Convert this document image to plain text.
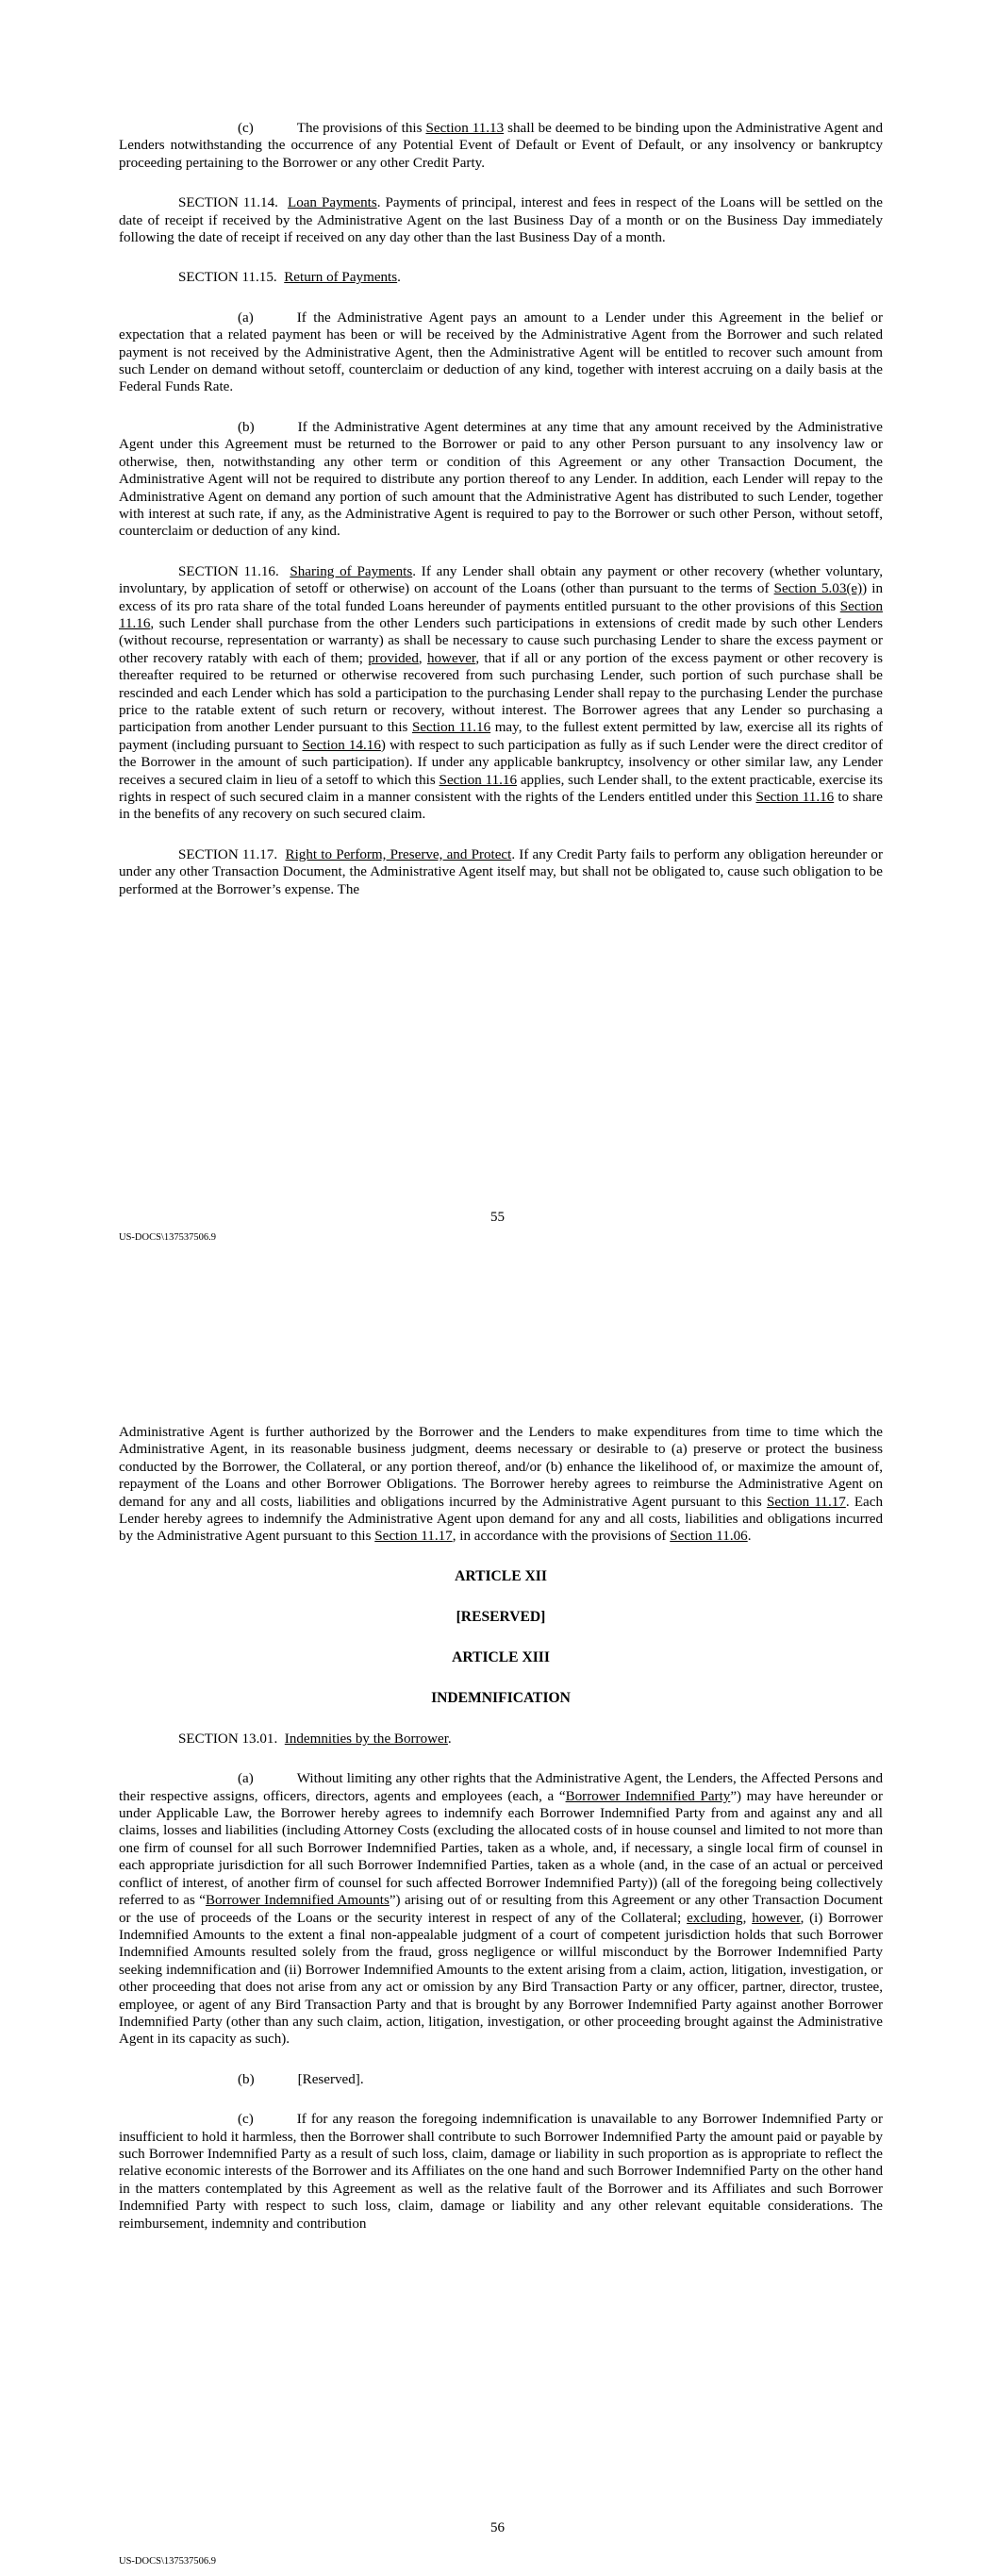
(c)	The provisions of this Section 11.13 shall be deemed to be binding upon the Administrative Agent and Lenders notwithstanding the occurrence of any Potential Event of Default or Event of Default, or any insolvency or bankruptcy proceeding pertaining to the Borrower or any other Credit Party.

SECTION 11.14. Loan Payments. Payments of principal, interest and fees in respect of the Loans will be settled on the date of receipt if received by the Administrative Agent on the last Business Day of a month or on the Business Day immediately following the date of receipt if received on any day other than the last Business Day of a month.

SECTION 11.15. Return of Payments.

(a)	If the Administrative Agent pays an amount to a Lender under this Agreement in the belief or expectation that a related payment has been or will be received by the Administrative Agent from the Borrower and such related payment is not received by the Administrative Agent, then the Administrative Agent will be entitled to recover such amount from such Lender on demand without setoff, counterclaim or deduction of any kind, together with interest accruing on a daily basis at the Federal Funds Rate.

(b)	If the Administrative Agent determines at any time that any amount received by the Administrative Agent under this Agreement must be returned to the Borrower or paid to any other Person pursuant to any insolvency law or otherwise, then, notwithstanding any other term or condition of this Agreement or any other Transaction Document, the Administrative Agent will not be required to distribute any portion thereof to any Lender. In addition, each Lender will repay to the Administrative Agent on demand any portion of such amount that the Administrative Agent has distributed to such Lender, together with interest at such rate, if any, as the Administrative Agent is required to pay to the Borrower or such other Person, without setoff, counterclaim or deduction of any kind.

SECTION 11.16. Sharing of Payments. If any Lender shall obtain any payment or other recovery (whether voluntary, involuntary, by application of setoff or otherwise) on account of the Loans (other than pursuant to the terms of Section 5.03(e)) in excess of its pro rata share of the total funded Loans hereunder of payments entitled pursuant to the other provisions of this Section 11.16, such Lender shall purchase from the other Lenders such participations in extensions of credit made by such other Lenders (without recourse, representation or warranty) as shall be necessary to cause such purchasing Lender to share the excess payment or other recovery ratably with each of them; provided, however, that if all or any portion of the excess payment or other recovery is thereafter required to be returned or otherwise recovered from such purchasing Lender, such portion of such purchase shall be rescinded and each Lender which has sold a participation to the purchasing Lender shall repay to the purchasing Lender the purchase price to the ratable extent of such return or recovery, without interest. The Borrower agrees that any Lender so purchasing a participation from another Lender pursuant to this Section 11.16 may, to the fullest extent permitted by law, exercise all its rights of payment (including pursuant to Section 14.16) with respect to such participation as fully as if such Lender were the direct creditor of the Borrower in the amount of such participation). If under any applicable bankruptcy, insolvency or other similar law, any Lender receives a secured claim in lieu of a setoff to which this Section 11.16 applies, such Lender shall, to the extent practicable, exercise its rights in respect of such secured claim in a manner consistent with the rights of the Lenders entitled under this Section 11.16 to share in the benefits of any recovery on such secured claim.

SECTION 11.17. Right to Perform, Preserve, and Protect. If any Credit Party fails to perform any obligation hereunder or under any other Transaction Document, the Administrative Agent itself may, but shall not be obligated to, cause such obligation to be performed at the Borrower’s expense. The

55
US-DOCS\137537506.9

Administrative Agent is further authorized by the Borrower and the Lenders to make expenditures from time to time which the Administrative Agent, in its reasonable business judgment, deems necessary or desirable to (a) preserve or protect the business conducted by the Borrower, the Collateral, or any portion thereof, and/or (b) enhance the likelihood of, or maximize the amount of, repayment of the Loans and other Borrower Obligations. The Borrower hereby agrees to reimburse the Administrative Agent on demand for any and all costs, liabilities and obligations incurred by the Administrative Agent pursuant to this Section 11.17. Each Lender hereby agrees to indemnify the Administrative Agent upon demand for any and all costs, liabilities and obligations incurred by the Administrative Agent pursuant to this Section 11.17, in accordance with the provisions of Section 11.06.

ARTICLE XII
[RESERVED]
ARTICLE XIII
INDEMNIFICATION

SECTION 13.01. Indemnities by the Borrower.

(a)	Without limiting any other rights that the Administrative Agent, the Lenders, the Affected Persons and their respective assigns, officers, directors, agents and employees (each, a “Borrower Indemnified Party”) may have hereunder or under Applicable Law, the Borrower hereby agrees to indemnify each Borrower Indemnified Party from and against any and all claims, losses and liabilities (including Attorney Costs (excluding the allocated costs of in house counsel and limited to not more than one firm of counsel for all such Borrower Indemnified Parties, taken as a whole, and, if necessary, a single local firm of counsel in each appropriate jurisdiction for all such Borrower Indemnified Parties, taken as a whole (and, in the case of an actual or perceived conflict of interest, of another firm of counsel for such affected Borrower Indemnified Party)) (all of the foregoing being collectively referred to as “Borrower Indemnified Amounts”) arising out of or resulting from this Agreement or any other Transaction Document or the use of proceeds of the Loans or the security interest in respect of any of the Collateral; excluding, however, (i) Borrower Indemnified Amounts to the extent a final non-appealable judgment of a court of competent jurisdiction holds that such Borrower Indemnified Amounts resulted solely from the fraud, gross negligence or willful misconduct by the Borrower Indemnified Party seeking indemnification and (ii) Borrower Indemnified Amounts to the extent arising from a claim, action, litigation, investigation, or other proceeding that does not arise from any act or omission by any Bird Transaction Party or any officer, partner, director, trustee, employee, or agent of any Bird Transaction Party and that is brought by any Borrower Indemnified Party against another Borrower Indemnified Party (other than any such claim, action, litigation, investigation, or other proceeding brought against the Administrative Agent in its capacity as such).

(b)	[Reserved].

(c)	If for any reason the foregoing indemnification is unavailable to any Borrower Indemnified Party or insufficient to hold it harmless, then the Borrower shall contribute to such Borrower Indemnified Party the amount paid or payable by such Borrower Indemnified Party as a result of such loss, claim, damage or liability in such proportion as is appropriate to reflect the relative economic interests of the Borrower and its Affiliates on the one hand and such Borrower Indemnified Party on the other hand in the matters contemplated by this Agreement as well as the relative fault of the Borrower and its Affiliates and such Borrower Indemnified Party with respect to such loss, claim, damage or liability and any other relevant equitable considerations. The reimbursement, indemnity and contribution

56
US-DOCS\137537506.9
